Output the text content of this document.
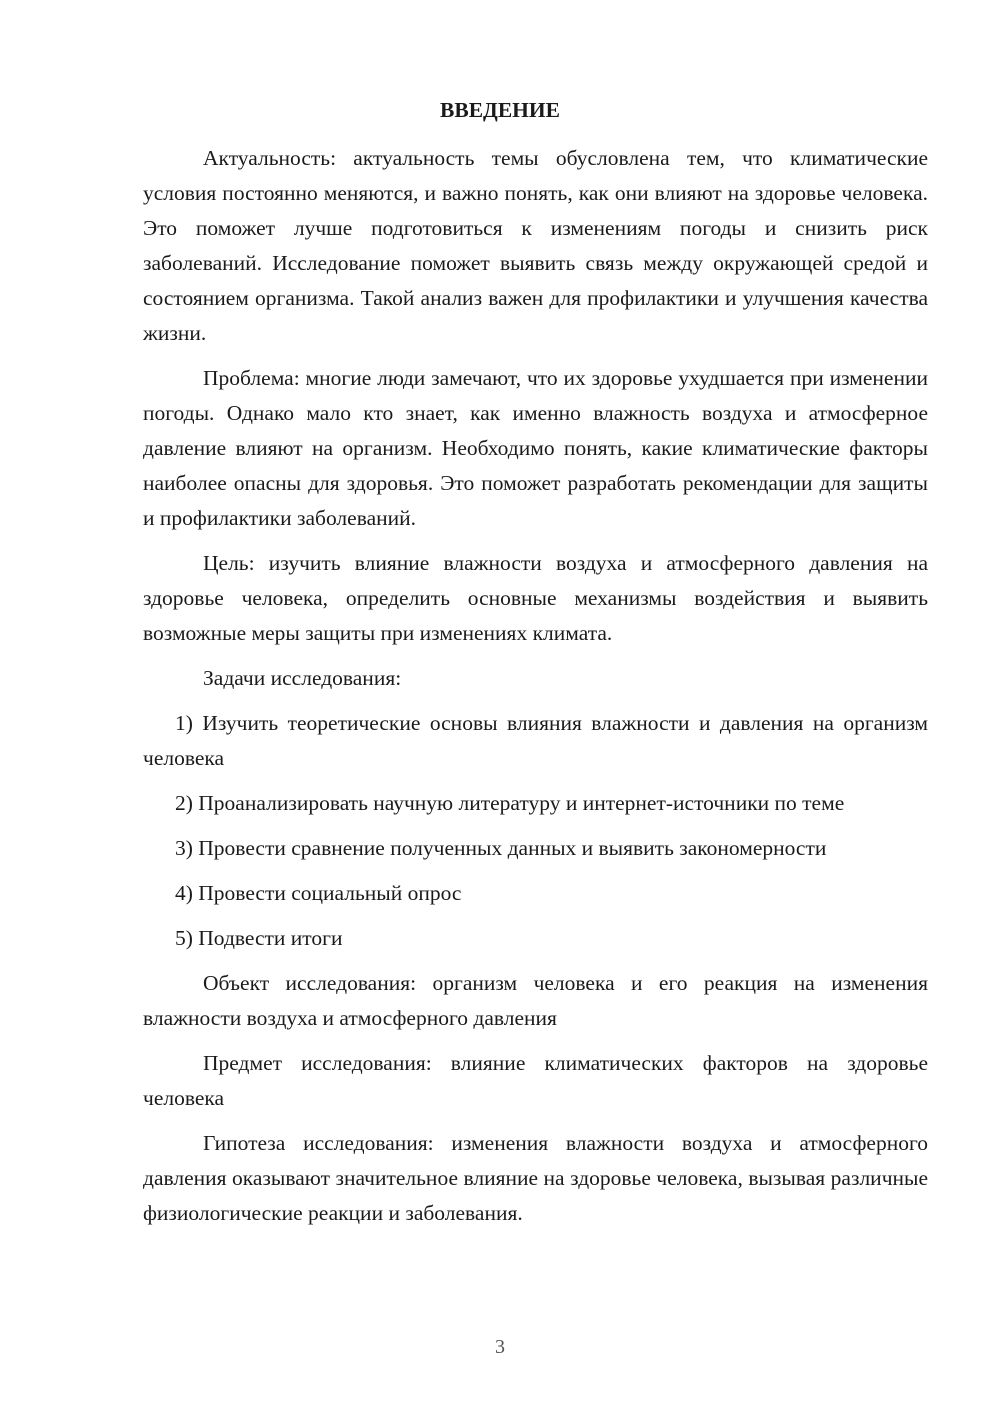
ВВЕДЕНИЕ

Актуальность: актуальность темы обусловлена тем, что климатические условия постоянно меняются, и важно понять, как они влияют на здоровье человека. Это поможет лучше подготовиться к изменениям погоды и снизить риск заболеваний. Исследование поможет выявить связь между окружающей средой и состоянием организма. Такой анализ важен для профилактики и улучшения качества жизни.

Проблема: многие люди замечают, что их здоровье ухудшается при изменении погоды. Однако мало кто знает, как именно влажность воздуха и атмосферное давление влияют на организм. Необходимо понять, какие климатические факторы наиболее опасны для здоровья. Это поможет разработать рекомендации для защиты и профилактики заболеваний.

Цель: изучить влияние влажности воздуха и атмосферного давления на здоровье человека, определить основные механизмы воздействия и выявить возможные меры защиты при изменениях климата.

Задачи исследования:

1) Изучить теоретические основы влияния влажности и давления на организм человека

2) Проанализировать научную литературу и интернет-источники по теме

3) Провести сравнение полученных данных и выявить закономерности

4) Провести социальный опрос

5) Подвести итоги

Объект исследования: организм человека и его реакция на изменения влажности воздуха и атмосферного давления

Предмет исследования: влияние климатических факторов на здоровье человека

Гипотеза исследования: изменения влажности воздуха и атмосферного давления оказывают значительное влияние на здоровье человека, вызывая различные физиологические реакции и заболевания.

3
